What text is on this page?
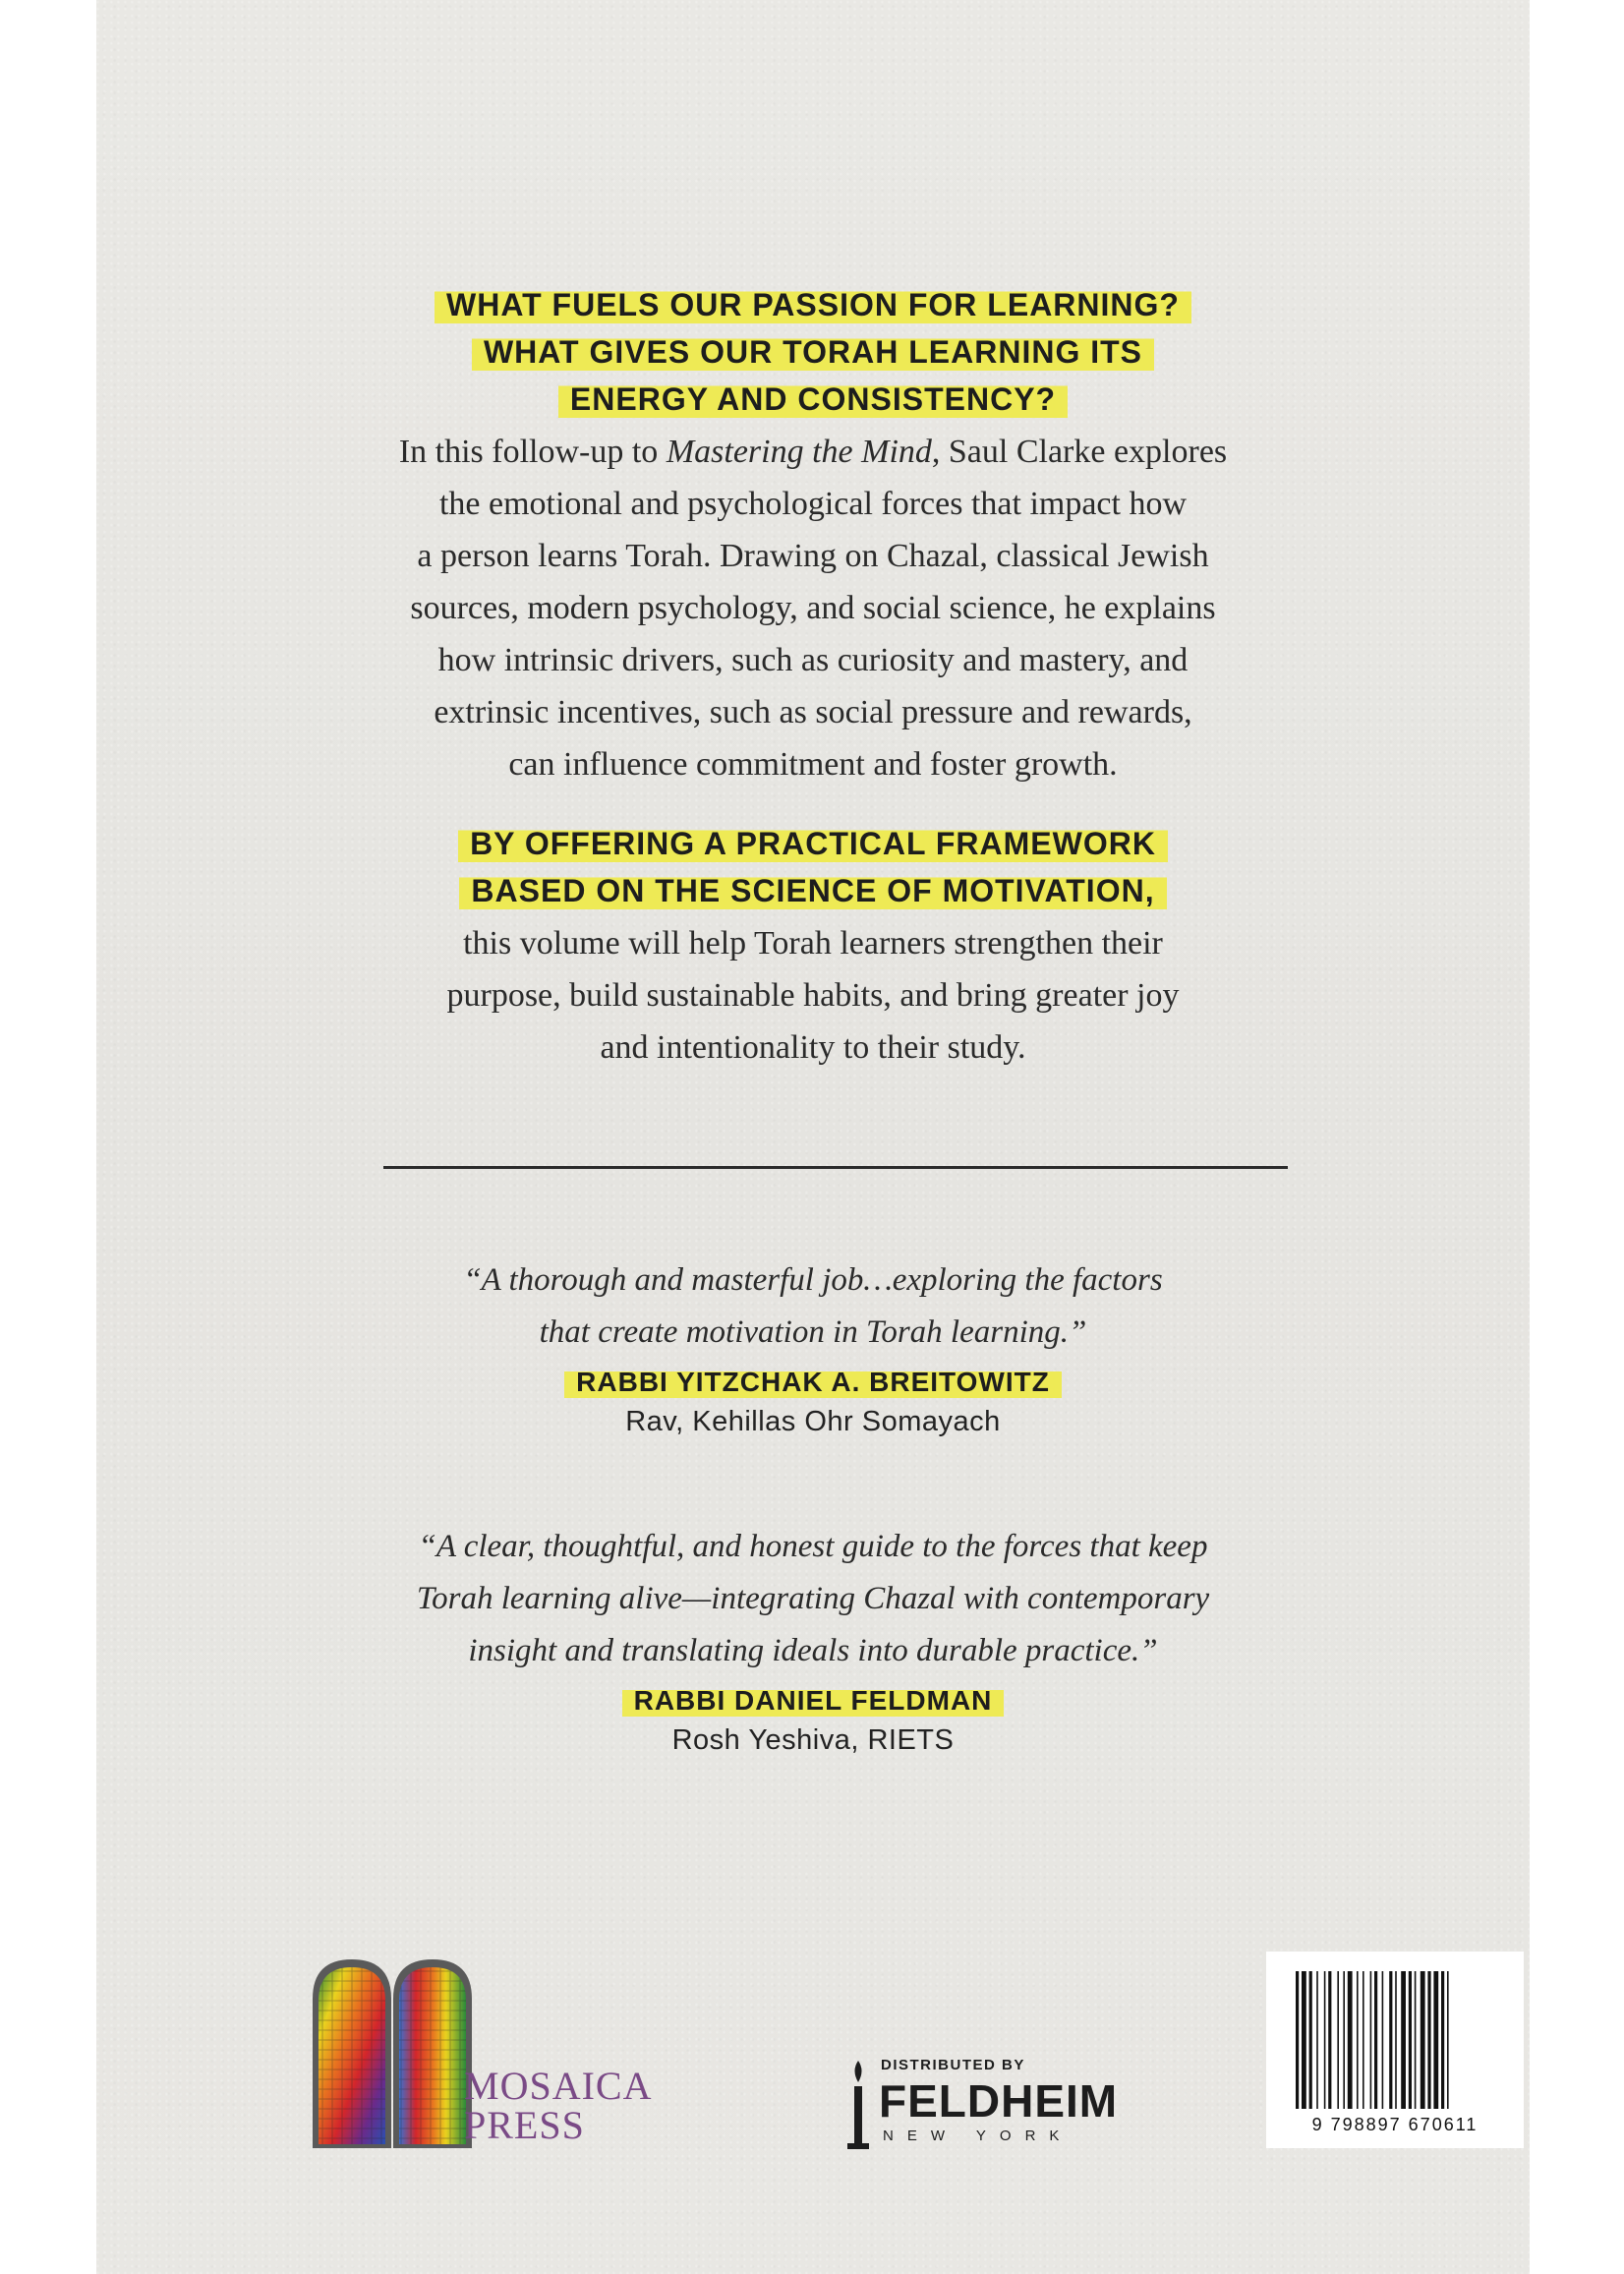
WHAT FUELS OUR PASSION FOR LEARNING?
WHAT GIVES OUR TORAH LEARNING ITS
ENERGY AND CONSISTENCY?

In this follow-up to Mastering the Mind, Saul Clarke explores

the emotional and psychological forces that impact how

a person learns Torah. Drawing on Chazal, classical Jewish

sources, modern psychology, and social science, he explains

how intrinsic drivers, such as curiosity and mastery, and

extrinsic incentives, such as social pressure and rewards,

can influence commitment and foster growth.

BY OFFERING A PRACTICAL FRAMEWORK
BASED ON THE SCIENCE OF MOTIVATION,

this volume will help Torah learners strengthen their

purpose, build sustainable habits, and bring greater joy

and intentionality to their study.

“A thorough and masterful job…exploring the factors

that create motivation in Torah learning.”

RABBI YITZCHAK A. BREITOWITZ
Rav, Kehillas Ohr Somayach

“A clear, thoughtful, and honest guide to the forces that keep

Torah learning alive—integrating Chazal with contemporary

insight and translating ideals into durable practice.”

RABBI DANIEL FELDMAN
Rosh Yeshiva, RIETS
MOSAICA
PRESS
DISTRIBUTED BY
FELDHEIM
NEW YORK
9 798897 670611
